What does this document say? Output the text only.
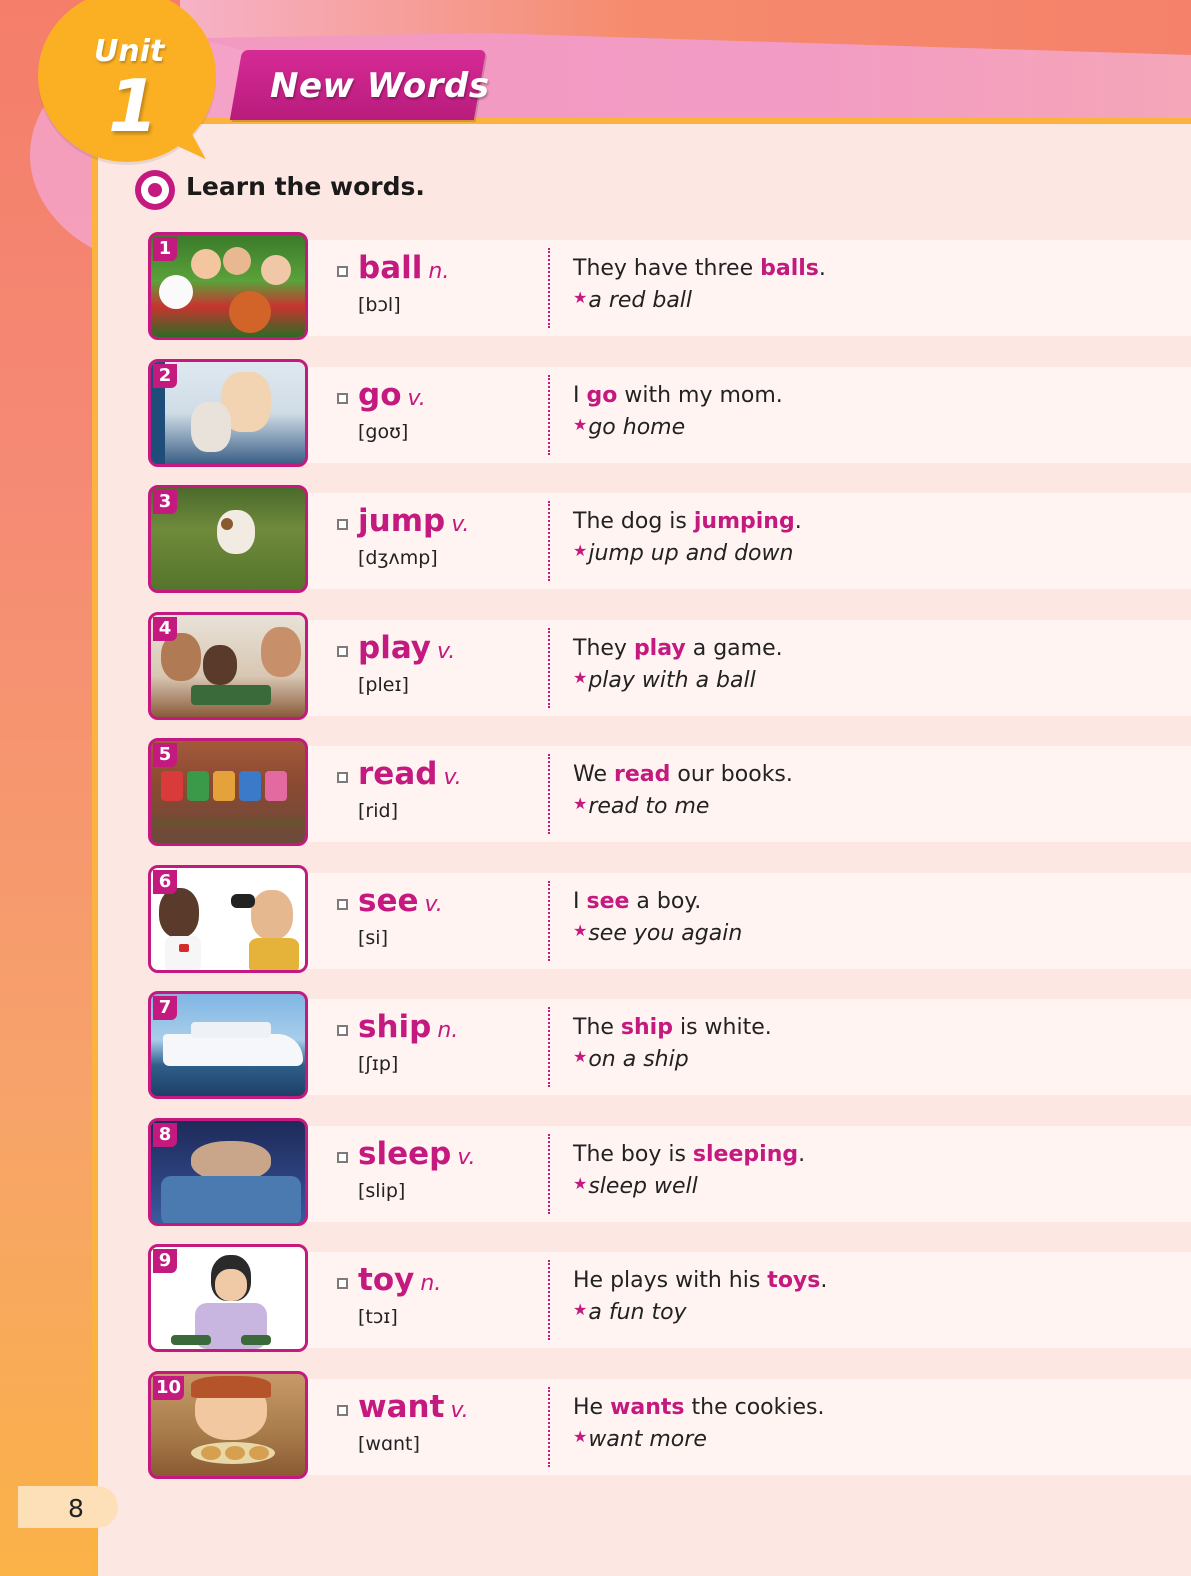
Unit
1	New Words
Learn the words.
1
ball n.
[bɔl]
They have three balls.
★a red ball
2
go v.
[goʊ]
I go with my mom.
★go home
3
jump v.
[dʒʌmp]
The dog is jumping.
★jump up and down
4
play v.
[pleɪ]
They play a game.
★play with a ball
5
read v.
[rid]
We read our books.
★read to me
6
see v.
[si]
I see a boy.
★see you again
7
ship n.
[ʃɪp]
The ship is white.
★on a ship
8
sleep v.
[slip]
The boy is sleeping.
★sleep well
9
toy n.
[tɔɪ]
He plays with his toys.
★a fun toy
10
want v.
[wɑnt]
He wants the cookies.
★want more
8
